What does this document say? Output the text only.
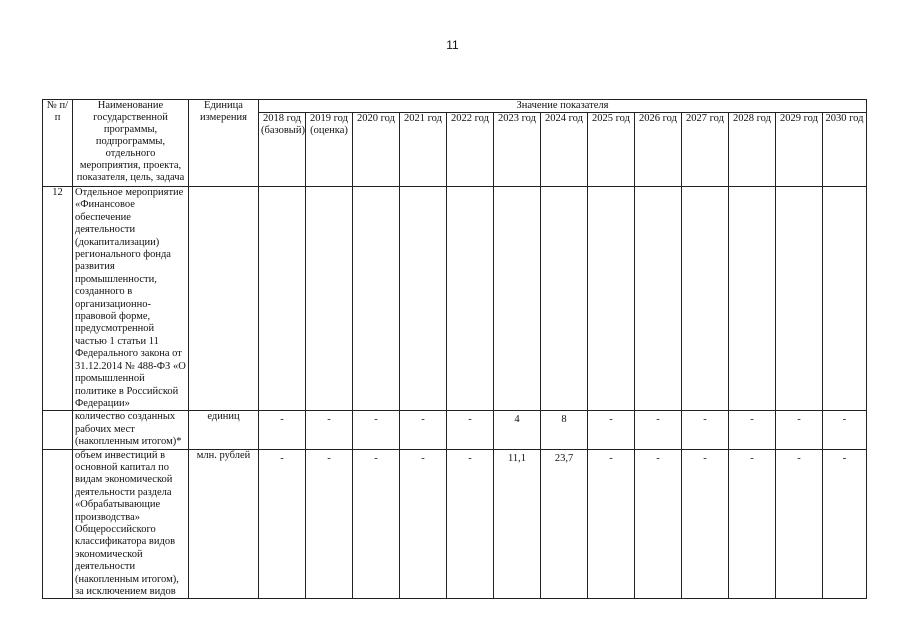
11
№ п/п	Наименование государственной программы, подпрограммы, отдельного мероприятия, проекта, показателя, цель, задача	Единица измерения	Значение показателя												
			2018 год (базовый)	2019 год (оценка)	2020 год	2021 год	2022 год	2023 год	2024 год	2025 год	2026 год	2027 год	2028 год	2029 год	2030 год
12	Отдельное мероприятие «Финансовое обеспечение деятельности (докапитализации) регионального фонда развития промышленности, созданного в организационно-правовой форме, предусмотренной частью 1 статьи 11 Федерального закона от 31.12.2014 № 488-ФЗ «О промышленной политике в Российской Федерации»														
	количество созданных рабочих мест (накопленным итогом)*	единиц	-	-	-	-	-	4	8	-	-	-	-	-	-
	объем инвестиций в основной капитал по видам экономической деятельности раздела «Обрабатывающие производства» Общероссийского классификатора видов экономической деятельности (накопленным итогом), за исключением видов	млн. рублей	-	-	-	-	-	11,1	23,7	-	-	-	-	-	-
